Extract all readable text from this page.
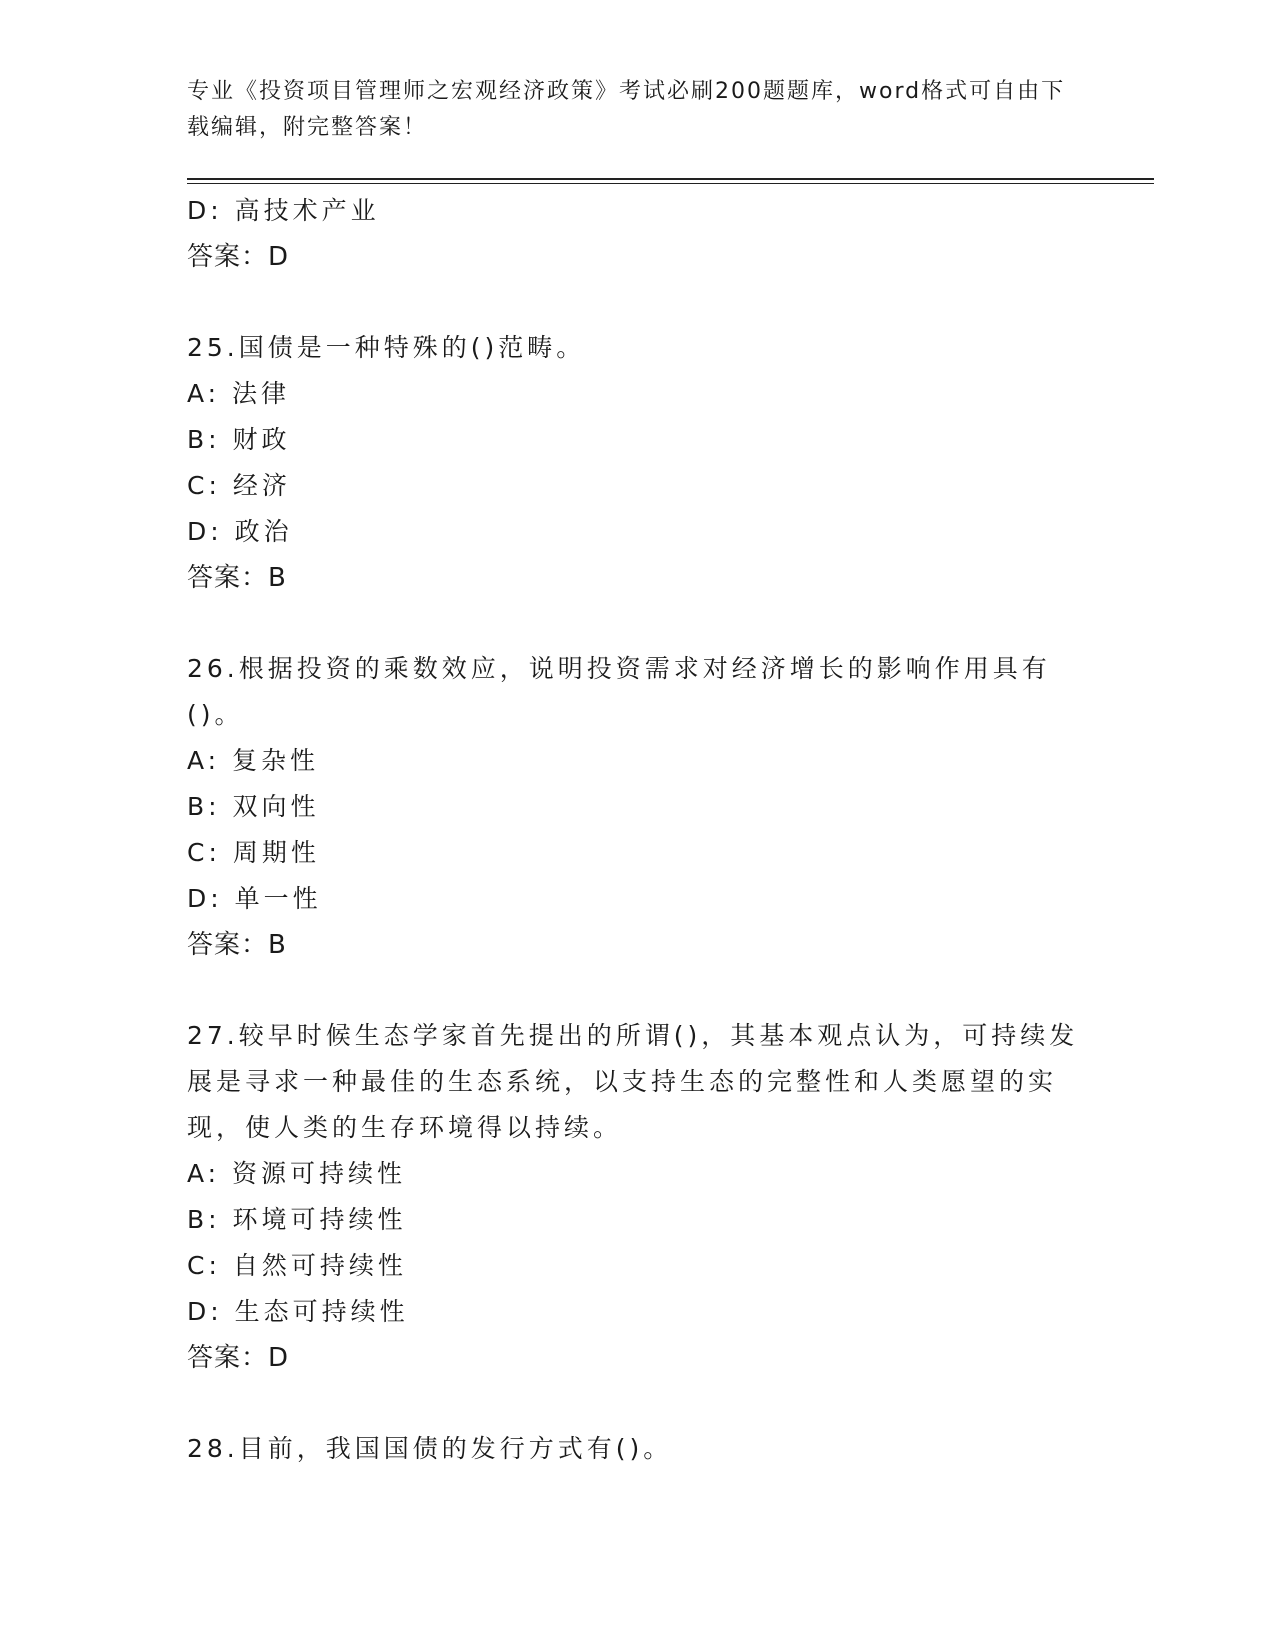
专业《投资项目管理师之宏观经济政策》考试必刷200题题库，word格式可自由下载编辑，附完整答案！
D: 高技术产业
答案：D
25.国债是一种特殊的()范畴。
A: 法律
B: 财政
C: 经济
D: 政治
答案：B
26.根据投资的乘数效应，说明投资需求对经济增长的影响作用具有()。
A: 复杂性
B: 双向性
C: 周期性
D: 单一性
答案：B
27.较早时候生态学家首先提出的所谓()，其基本观点认为，可持续发展是寻求一种最佳的生态系统，以支持生态的完整性和人类愿望的实现，使人类的生存环境得以持续。
A: 资源可持续性
B: 环境可持续性
C: 自然可持续性
D: 生态可持续性
答案：D
28.目前，我国国债的发行方式有()。
